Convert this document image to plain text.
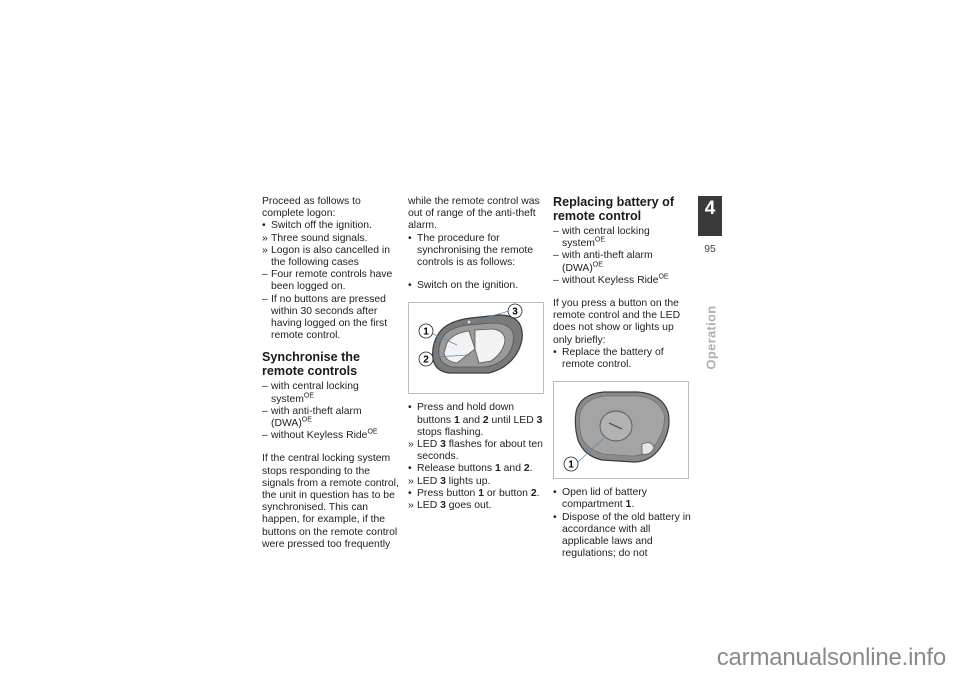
Proceed as follows to complete logon:

• Switch off the ignition.
» Three sound signals.
» Logon is also cancelled in the following cases
– Four remote controls have been logged on.
– If no buttons are pressed within 30 seconds after having logged on the first remote control.
Synchronise the remote controls
– with central locking system$^{OE}$
– with anti-theft alarm (DWA)$^{OE}$
– without Keyless Ride$^{OE}$

If the central locking system stops responding to the signals from a remote control, the unit in question has to be synchronised. This can happen, for example, if the buttons on the remote control were pressed too frequently

while the remote control was out of range of the anti-theft alarm.

• The procedure for synchronising the remote controls is as follows:
• Switch on the ignition.
3
1
2
• Press and hold down buttons 1 and 2 until LED 3 stops flashing.
» LED 3 flashes for about ten seconds.
• Release buttons 1 and 2.
» LED 3 lights up.
• Press button 1 or button 2.
» LED 3 goes out.
Replacing battery of remote control
– with central locking system$^{OE}$
– with anti-theft alarm (DWA)$^{OE}$
– without Keyless Ride$^{OE}$

If you press a button on the remote control and the LED does not show or lights up only briefly:

• Replace the battery of remote control.
1
• Open lid of battery compartment 1.
• Dispose of the old battery in accordance with all applicable laws and regulations; do not
4
95
Operation
carmanualsonline.info
